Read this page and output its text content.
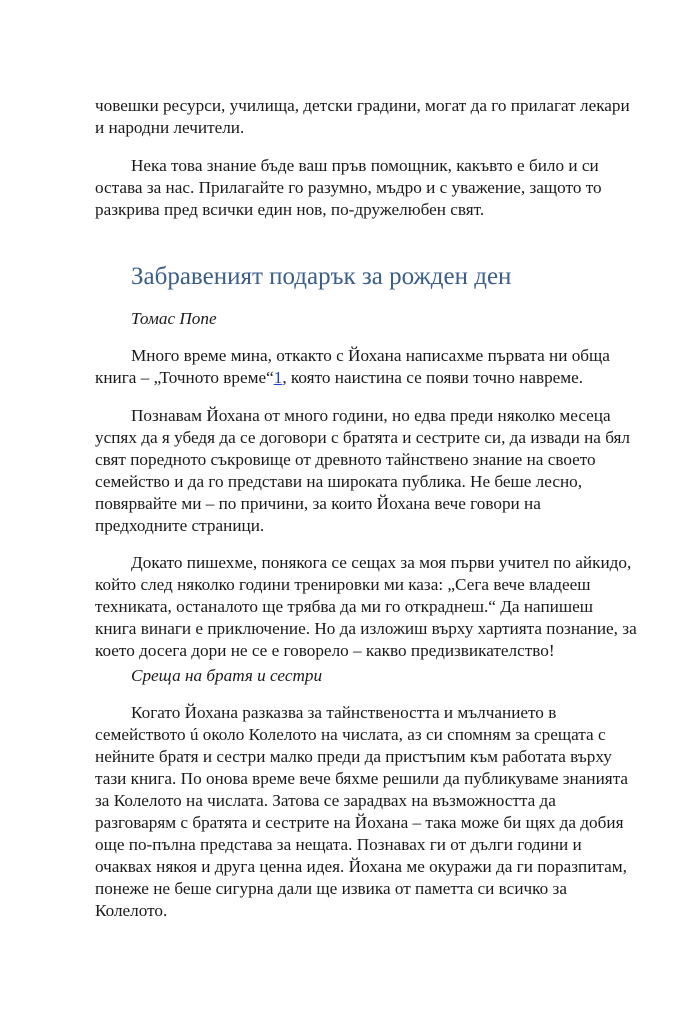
човешки ресурси, училища, детски градини, могат да го прилагат лекари
и народни лечители.
Нека това знание бъде ваш пръв помощник, какъвто е било и си
остава за нас. Прилагайте го разумно, мъдро и с уважение, защото то
разкрива пред всички един нов, по-дружелюбен свят.
Забравеният подарък за рожден ден
Томас Попе
Много време мина, откакто с Йохана написахме първата ни обща
книга – „Точното време“1, която наистина се появи точно навреме.
Познавам Йохана от много години, но едва преди няколко месеца
успях да я убедя да се договори с братята и сестрите си, да извади на бял
свят поредното съкровище от древното тайнствено знание на своето
семейство и да го представи на широката публика. Не беше лесно,
повярвайте ми – по причини, за които Йохана вече говори на
предходните страници.
Докато пишехме, понякога се сещах за моя първи учител по айкидо,
който след няколко години тренировки ми каза: „Сега вече владееш
техниката, останалото ще трябва да ми го откраднеш.“ Да напишеш
книга винаги е приключение. Но да изложиш върху хартията познание, за
което досега дори не се е говорело – какво предизвикателство!
Среща на братя и сестри
Когато Йохана разказва за тайнствеността и мълчанието в
семейството ú около Колелото на числата, аз си спомням за срещата с
нейните братя и сестри малко преди да пристъпим към работата върху
тази книга. По онова време вече бяхме решили да публикуваме знанията
за Колелото на числата. Затова се зарадвах на възможността да
разговарям с братята и сестрите на Йохана – така може би щях да добия
още по-пълна представа за нещата. Познавах ги от дълги години и
очаквах някоя и друга ценна идея. Йохана ме окуражи да ги поразпитам,
понеже не беше сигурна дали ще извика от паметта си всичко за
Колелото.
